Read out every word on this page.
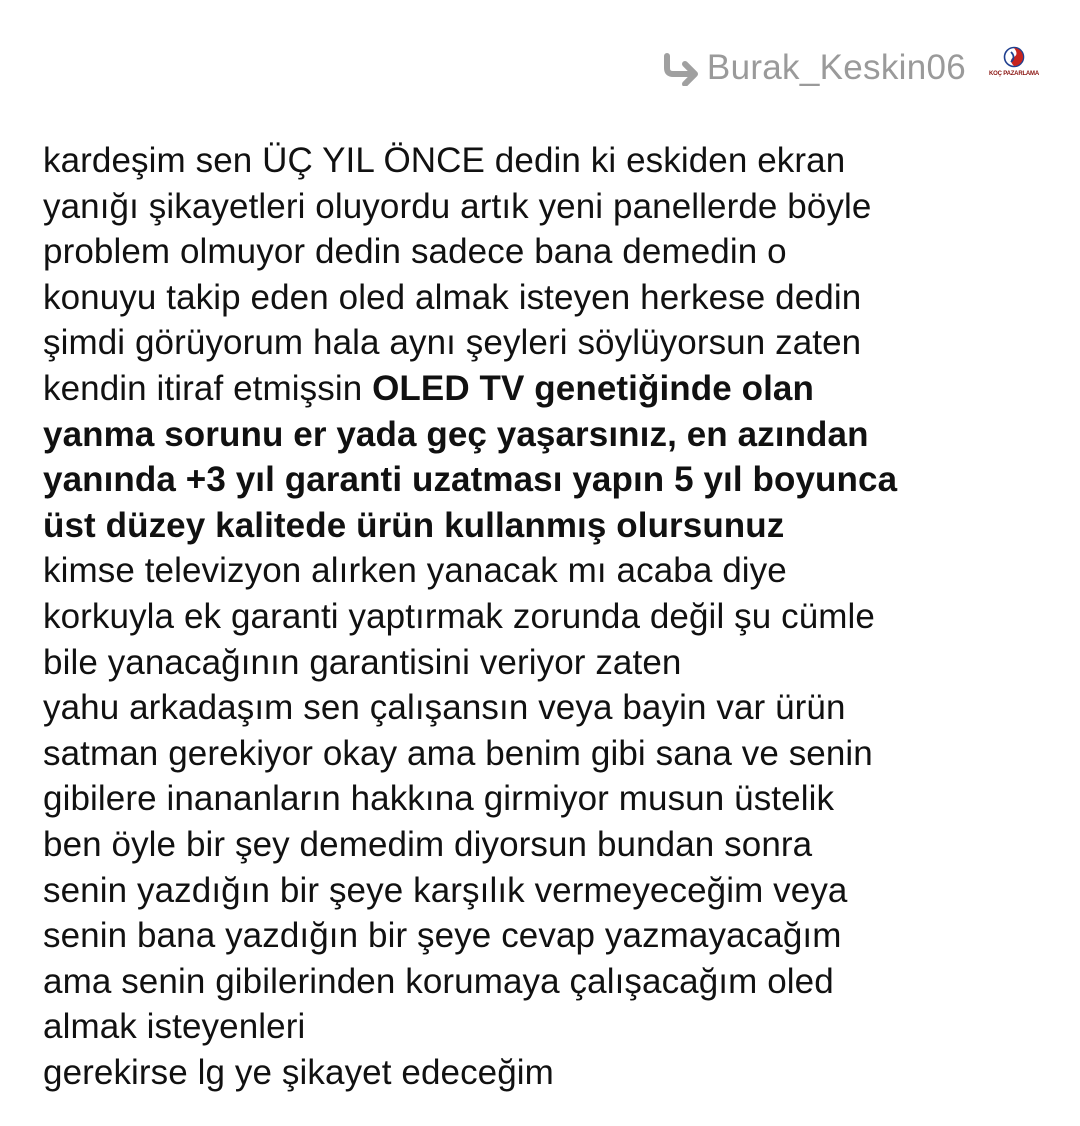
Burak_Keskin06	KOÇ PAZARLAMA
kardeşim sen ÜÇ YIL ÖNCE dedin ki eskiden ekran
yanığı şikayetleri oluyordu artık yeni panellerde böyle
problem olmuyor dedin sadece bana demedin o
konuyu takip eden oled almak isteyen herkese dedin
şimdi görüyorum hala aynı şeyleri söylüyorsun zaten
kendin itiraf etmişsin OLED TV genetiğinde olan
yanma sorunu er yada geç yaşarsınız, en azından
yanında +3 yıl garanti uzatması yapın 5 yıl boyunca
üst düzey kalitede ürün kullanmış olursunuz
kimse televizyon alırken yanacak mı acaba diye
korkuyla ek garanti yaptırmak zorunda değil şu cümle
bile yanacağının garantisini veriyor zaten
yahu arkadaşım sen çalışansın veya bayin var ürün
satman gerekiyor okay ama benim gibi sana ve senin
gibilere inananların hakkına girmiyor musun üstelik
ben öyle bir şey demedim diyorsun bundan sonra
senin yazdığın bir şeye karşılık vermeyeceğim veya
senin bana yazdığın bir şeye cevap yazmayacağım
ama senin gibilerinden korumaya çalışacağım oled
almak isteyenleri
gerekirse lg ye şikayet edeceğim
